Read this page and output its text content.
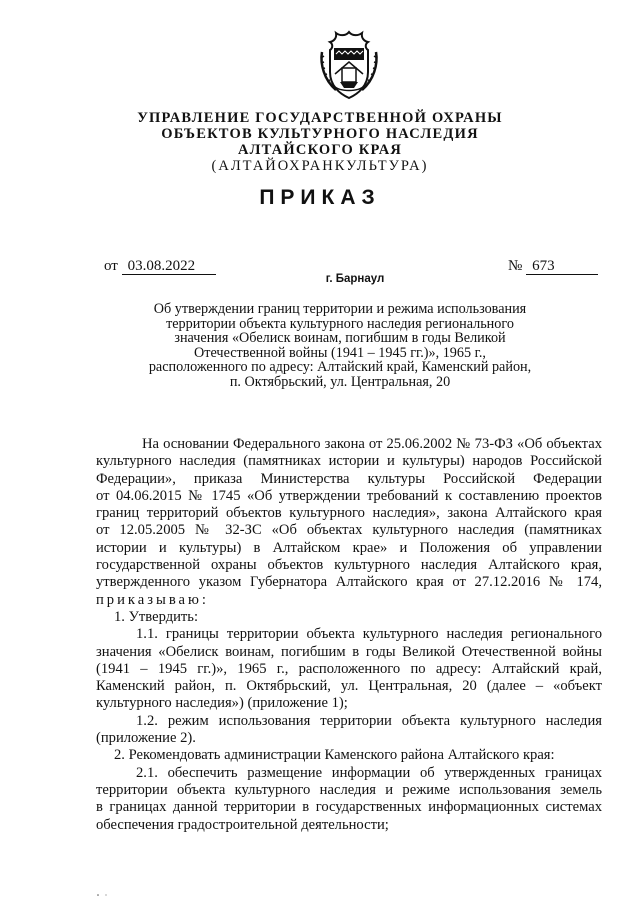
УПРАВЛЕНИЕ ГОСУДАРСТВЕННОЙ ОХРАНЫ
ОБЪЕКТОВ КУЛЬТУРНОГО НАСЛЕДИЯ
АЛТАЙСКОГО КРАЯ
(АЛТАЙОХРАНКУЛЬТУРА)
ПРИКАЗ
от 03.08.2022	№ 673
г. Барнаул
Об утверждении границ территории и режима использования
территории объекта культурного наследия регионального
значения «Обелиск воинам, погибшим в годы Великой
Отечественной войны (1941 – 1945 гг.)», 1965 г.,
расположенного по адресу: Алтайский край, Каменский район,
п. Октябрьский, ул. Центральная, 20
На основании Федерального закона от 25.06.2002 № 73-ФЗ «Об объектах
культурного наследия (памятниках истории и культуры) народов Российской
Федерации», приказа Министерства культуры Российской Федерации
от 04.06.2015 № 1745 «Об утверждении требований к составлению проектов
границ территорий объектов культурного наследия», закона Алтайского края
от 12.05.2005 № 32-ЗС «Об объектах культурного наследия (памятниках
истории и культуры) в Алтайском крае» и Положения об управлении
государственной охраны объектов культурного наследия Алтайского края,
утвержденного указом Губернатора Алтайского края от 27.12.2016 № 174,
приказываю:
1. Утвердить:
1.1. границы территории объекта культурного наследия регионального
значения «Обелиск воинам, погибшим в годы Великой Отечественной войны
(1941 – 1945 гг.)», 1965 г., расположенного по адресу: Алтайский край,
Каменский район, п. Октябрьский, ул. Центральная, 20 (далее – «объект
культурного наследия») (приложение 1);
1.2. режим использования территории объекта культурного наследия
(приложение 2).
2. Рекомендовать администрации Каменского района Алтайского края:
2.1. обеспечить размещение информации об утвержденных границах
территории объекта культурного наследия и режиме использования земель
в границах данной территории в государственных информационных системах
обеспечения градостроительной деятельности;
